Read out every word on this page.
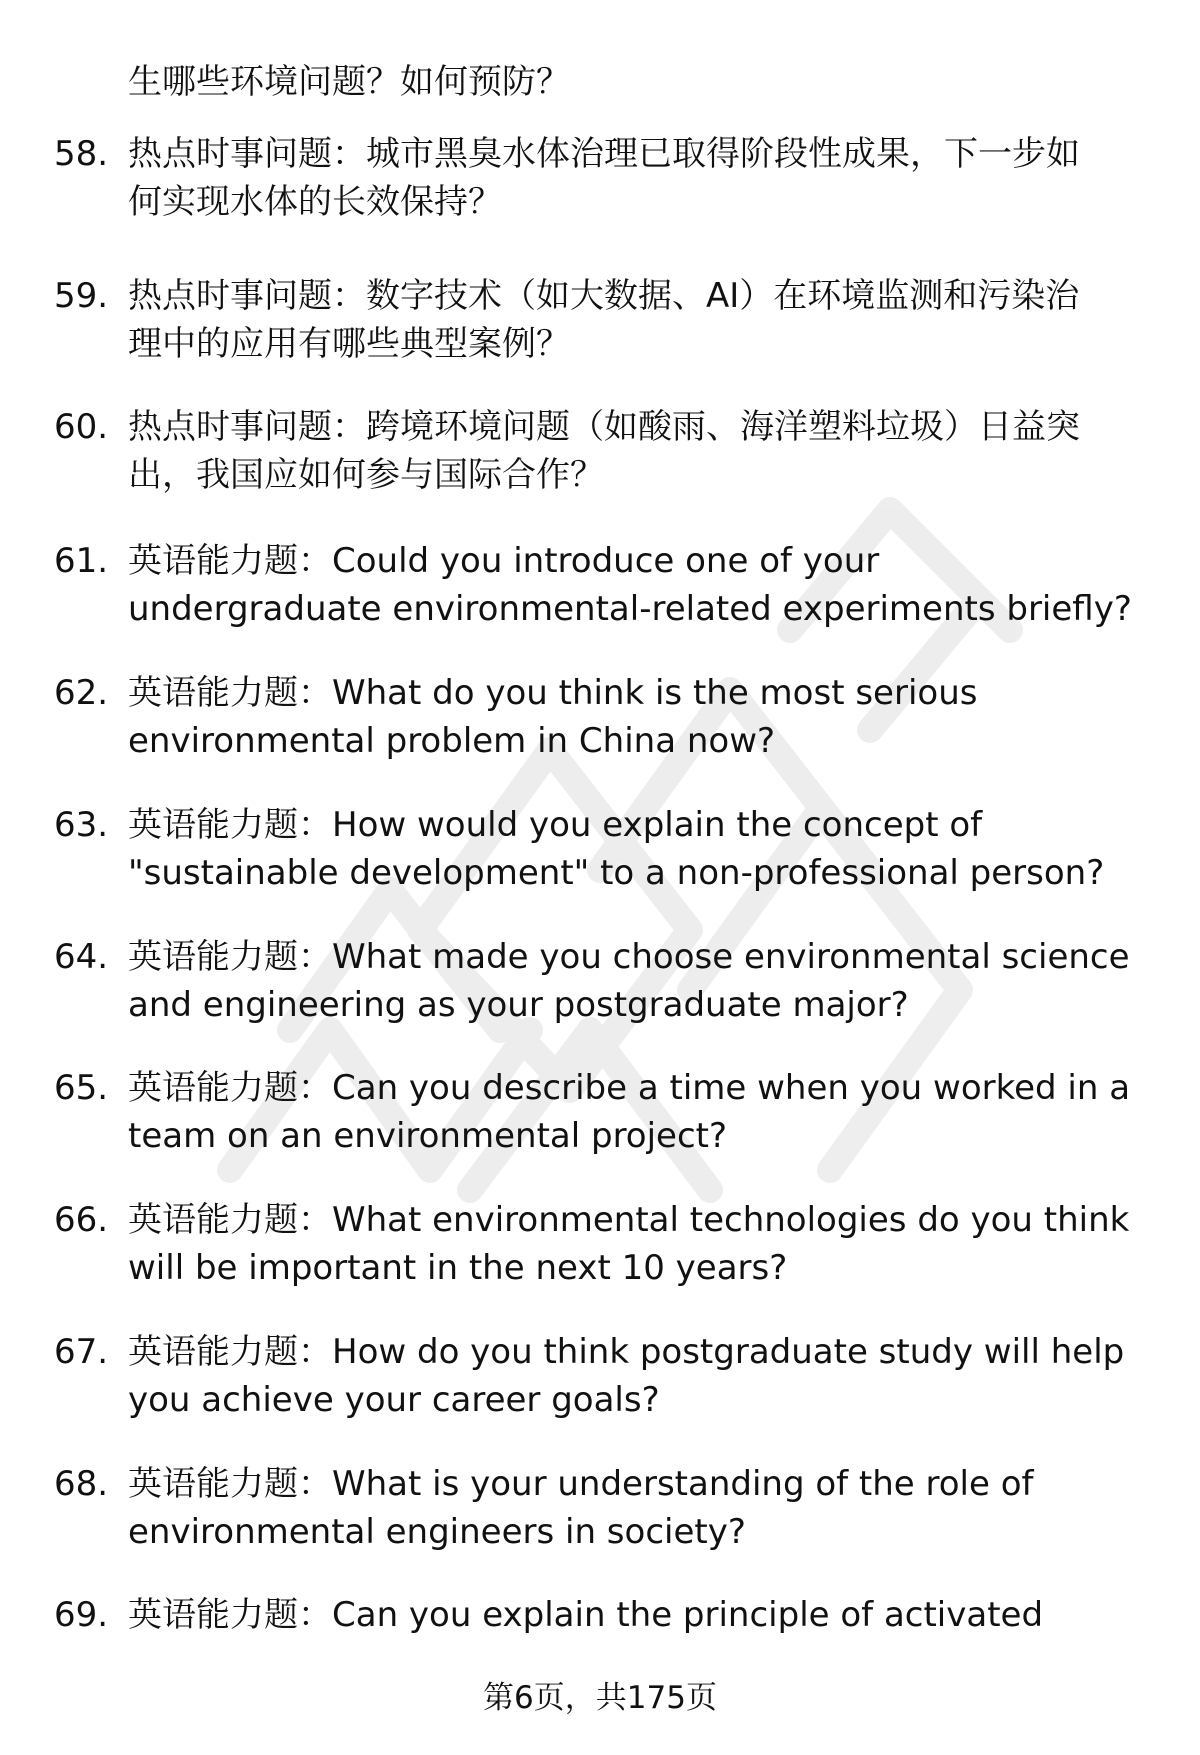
生哪些环境问题？如何预防？
58. 热点时事问题：城市黑臭水体治理已取得阶段性成果，下一步如
何实现水体的长效保持？
59. 热点时事问题：数字技术（如大数据、AI）在环境监测和污染治
理中的应用有哪些典型案例？
60. 热点时事问题：跨境环境问题（如酸雨、海洋塑料垃圾）日益突
出，我国应如何参与国际合作？
61. 英语能力题：Could you introduce one of your
undergraduate environmental-related experiments briefly?
62. 英语能力题：What do you think is the most serious
environmental problem in China now?
63. 英语能力题：How would you explain the concept of
"sustainable development" to a non-professional person?
64. 英语能力题：What made you choose environmental science
and engineering as your postgraduate major?
65. 英语能力题：Can you describe a time when you worked in a
team on an environmental project?
66. 英语能力题：What environmental technologies do you think
will be important in the next 10 years?
67. 英语能力题：How do you think postgraduate study will help
you achieve your career goals?
68. 英语能力题：What is your understanding of the role of
environmental engineers in society?
69. 英语能力题：Can you explain the principle of activated
第6页，共175页
